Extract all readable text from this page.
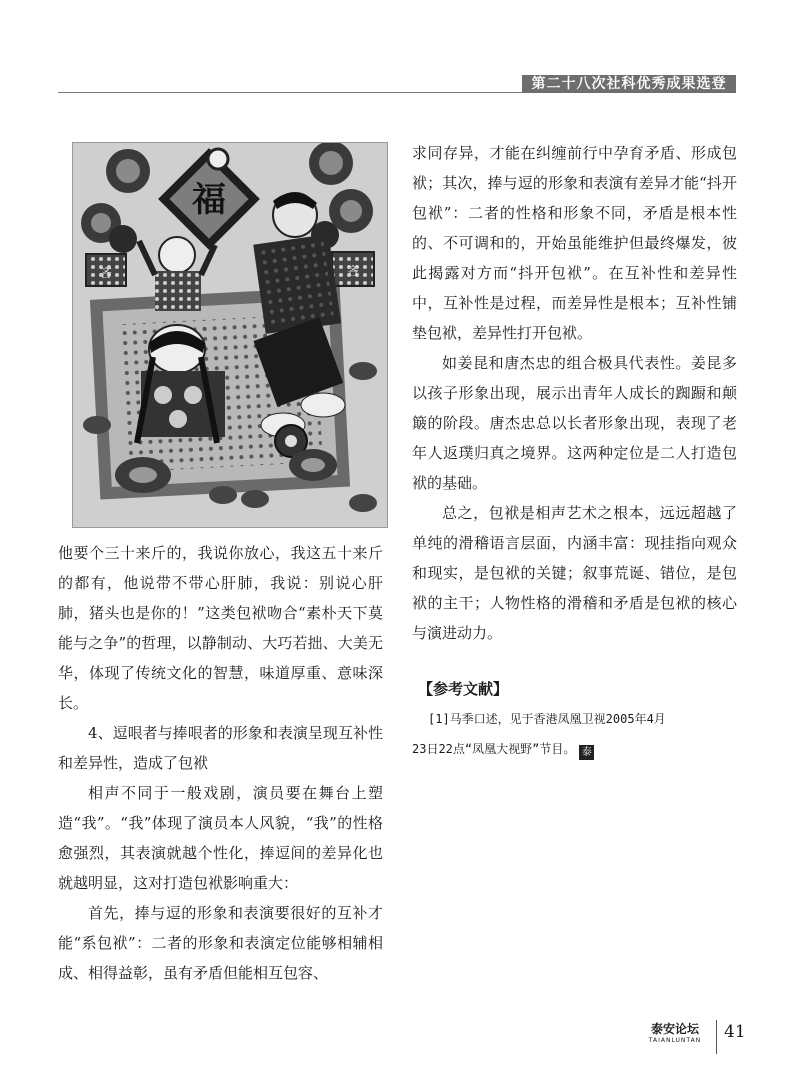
第二十八次社科优秀成果选登
福
吝	吝

他要个三十来斤的，我说你放心，我这五十来斤的都有，他说带不带心肝肺，我说：别说心肝肺，猪头也是你的！”这类包袱吻合“素朴天下莫能与之争”的哲理，以静制动、大巧若拙、大美无华，体现了传统文化的智慧，味道厚重、意味深长。

4、逗哏者与捧哏者的形象和表演呈现互补性和差异性，造成了包袱

相声不同于一般戏剧，演员要在舞台上塑造“我”。“我”体现了演员本人风貌，“我”的性格愈强烈，其表演就越个性化，捧逗间的差异化也就越明显，这对打造包袱影响重大：

首先，捧与逗的形象和表演要很好的互补才能“系包袱”：二者的形象和表演定位能够相辅相成、相得益彰，虽有矛盾但能相互包容、

求同存异，才能在纠缠前行中孕育矛盾、形成包袱；其次，捧与逗的形象和表演有差异才能“抖开包袱”：二者的性格和形象不同，矛盾是根本性的、不可调和的，开始虽能维护但最终爆发，彼此揭露对方而“抖开包袱”。在互补性和差异性中，互补性是过程，而差异性是根本；互补性铺垫包袱，差异性打开包袱。

如姜昆和唐杰忠的组合极具代表性。姜昆多以孩子形象出现，展示出青年人成长的踟蹰和颠簸的阶段。唐杰忠总以长者形象出现，表现了老年人返璞归真之境界。这两种定位是二人打造包袱的基础。

总之，包袱是相声艺术之根本，远远超越了单纯的滑稽语言层面，内涵丰富：现挂指向观众和现实，是包袱的关键；叙事荒诞、错位，是包袱的主干；人物性格的滑稽和矛盾是包袱的核心与演进动力。

【参考文献】

[1]马季口述，见于香港凤凰卫视2005年4月

23日22点“凤凰大视野”节目。 泰

泰安论坛
TAIANLUNTAN	41
